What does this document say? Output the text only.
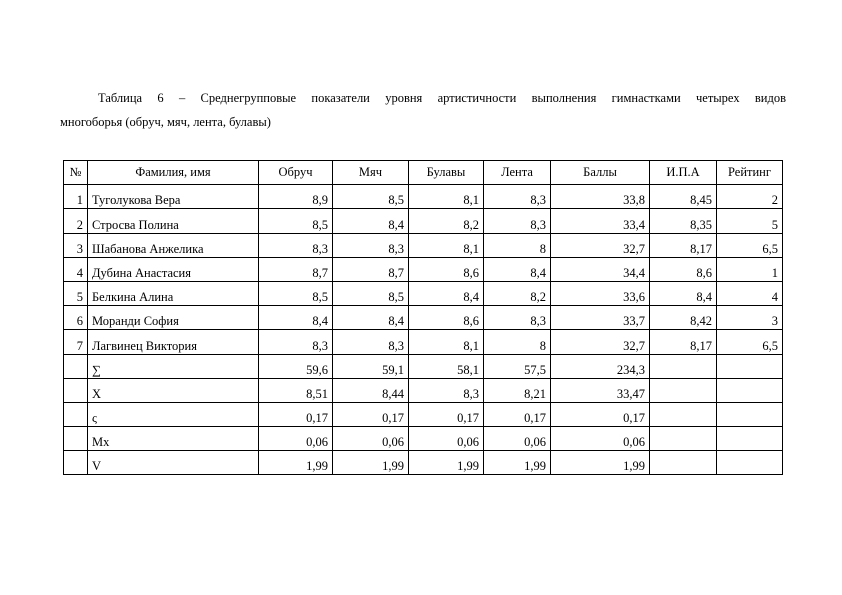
Таблица 6 – Среднегрупповые показатели уровня артистичности выполнения гимнастками четырех видов
многоборья (обруч, мяч, лента, булавы)
№	Фамилия, имя	Обруч	Мяч	Булавы	Лента	Баллы	И.П.А	Рейтинг
1	Туголукова Вера	8,9	8,5	8,1	8,3	33,8	8,45	2
2	Стросва Полина	8,5	8,4	8,2	8,3	33,4	8,35	5
3	Шабанова Анжелика	8,3	8,3	8,1	8	32,7	8,17	6,5
4	Дубина Анастасия	8,7	8,7	8,6	8,4	34,4	8,6	1
5	Белкина Алина	8,5	8,5	8,4	8,2	33,6	8,4	4
6	Моранди София	8,4	8,4	8,6	8,3	33,7	8,42	3
7	Лагвинец Виктория	8,3	8,3	8,1	8	32,7	8,17	6,5
	∑	59,6	59,1	58,1	57,5	234,3		
	Х	8,51	8,44	8,3	8,21	33,47		
	ς	0,17	0,17	0,17	0,17	0,17		
	Мх	0,06	0,06	0,06	0,06	0,06		
	V	1,99	1,99	1,99	1,99	1,99		
